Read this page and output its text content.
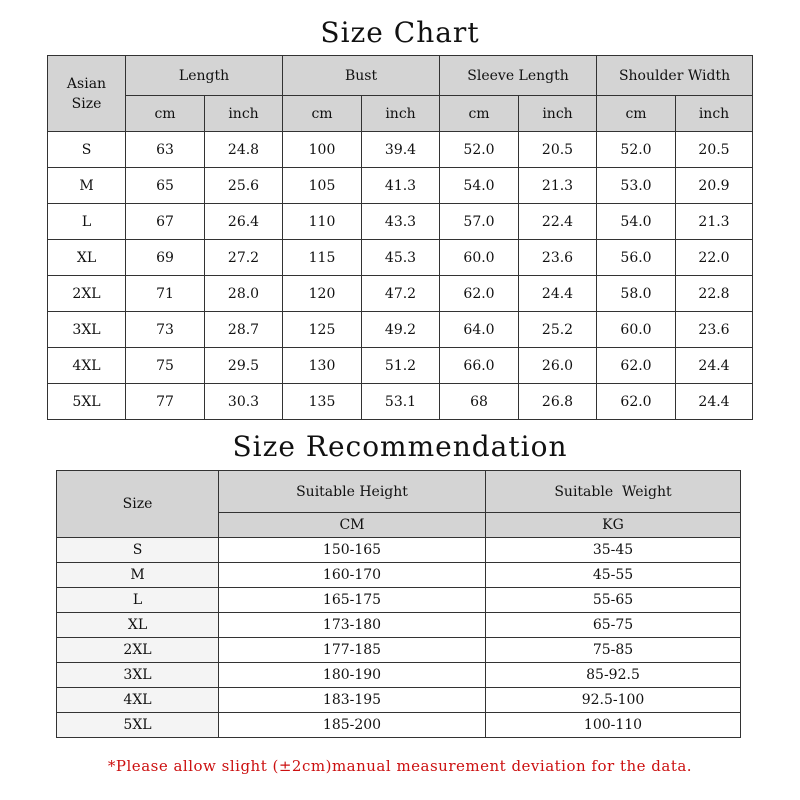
Size Chart
Asian
Size	Length		Bust		Sleeve Length		Shoulder Width	
	cm	inch	cm	inch	cm	inch	cm	inch
S	63	24.8	100	39.4	52.0	20.5	52.0	20.5
M	65	25.6	105	41.3	54.0	21.3	53.0	20.9
L	67	26.4	110	43.3	57.0	22.4	54.0	21.3
XL	69	27.2	115	45.3	60.0	23.6	56.0	22.0
2XL	71	28.0	120	47.2	62.0	24.4	58.0	22.8
3XL	73	28.7	125	49.2	64.0	25.2	60.0	23.6
4XL	75	29.5	130	51.2	66.0	26.0	62.0	24.4
5XL	77	30.3	135	53.1	68	26.8	62.0	24.4
Size Recommendation
Size	Suitable Height	Suitable  Weight
	CM	KG
S	150-165	35-45
M	160-170	45-55
L	165-175	55-65
XL	173-180	65-75
2XL	177-185	75-85
3XL	180-190	85-92.5
4XL	183-195	92.5-100
5XL	185-200	100-110
*Please allow slight (±2cm)manual measurement deviation for the data.
